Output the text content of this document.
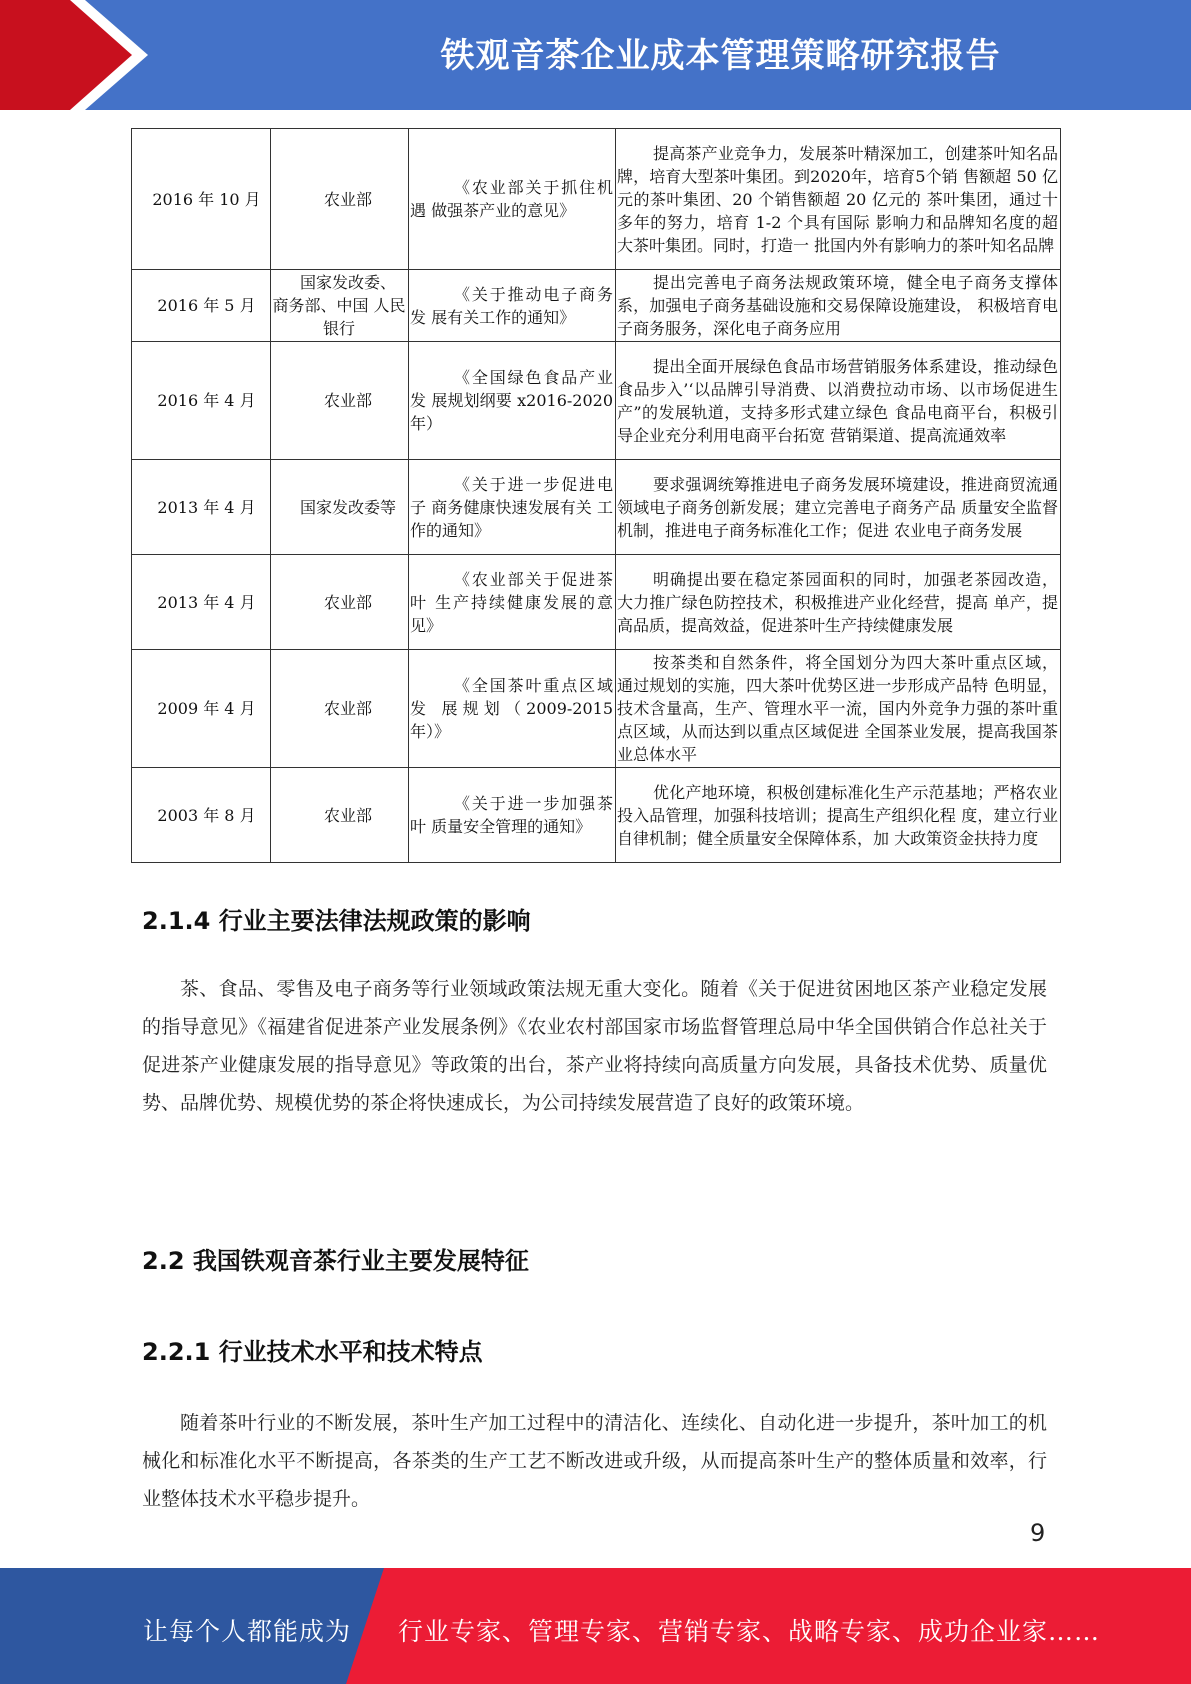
铁观音茶企业成本管理策略研究报告
2016 年 10 月	农业部	《农业部关于抓住机遇 做强茶产业的意见》	提高茶产业竞争力，发展茶叶精深加工，创建茶叶知名品牌，培育大型茶叶集团。到2020年，培育5个销 售额超 50 亿元的茶叶集团、20 个销售额超 20 亿元的 茶叶集团，通过十多年的努力，培育 1-2 个具有国际 影响力和品牌知名度的超大茶叶集团。同时，打造一 批国内外有影响力的茶叶知名品牌
2016 年 5 月	国家发改委、 商务部、中国 人民银行	《关于推动电子商务发 展有关工作的通知》	提出完善电子商务法规政策环境，健全电子商务支撑体系，加强电子商务基础设施和交易保障设施建设， 积极培育电子商务服务，深化电子商务应用
2016 年 4 月	农业部	《全国绿色食品产业发 展规划纲要 x2016-2020 年）	提出全面开展绿色食品市场营销服务体系建设，推动绿色食品步入’‘以品牌引导消费、以消费拉动市场、以市场促进生产”的发展轨道，支持多形式建立绿色 食品电商平台，积极引导企业充分利用电商平台拓宽 营销渠道、提高流通效率
2013 年 4 月	国家发改委等	《关于进一步促进电子 商务健康快速发展有关 工作的通知》	要求强调统筹推进电子商务发展环境建设，推进商贸流通领域电子商务创新发展；建立完善电子商务产品 质量安全监督机制，推进电子商务标准化工作；促进 农业电子商务发展
2013 年 4 月	农业部	《农业部关于促进茶叶 生产持续健康发展的意 见》	明确提出要在稳定茶园面积的同时，加强老茶园改造， 大力推广绿色防控技术，积极推进产业化经营，提高 单产，提高品质，提高效益，促进茶叶生产持续健康发展
2009 年 4 月	农业部	《全国茶叶重点区域发 展规划（2009-2015 年）》	按茶类和自然条件，将全国划分为四大茶叶重点区域， 通过规划的实施，四大茶叶优势区进一步形成产品特 色明显，技术含量高，生产、管理水平一流，国内外竞争力强的茶叶重点区域，从而达到以重点区域促进 全国茶业发展，提高我国茶业总体水平
2003 年 8 月	农业部	《关于进一步加强茶叶 质量安全管理的通知》	优化产地环境，积极创建标准化生产示范基地；严格农业投入品管理，加强科技培训；提高生产组织化程 度，建立行业自律机制；健全质量安全保障体系，加 大政策资金扶持力度
2.1.4 行业主要法律法规政策的影响

茶、食品、零售及电子商务等行业领域政策法规无重大变化。随着《关于促进贫困地区茶产业稳定发展的指导意见》《福建省促进茶产业发展条例》《农业农村部国家市场监督管理总局中华全国供销合作总社关于促进茶产业健康发展的指导意见》等政策的出台，茶产业将持续向高质量方向发展，具备技术优势、质量优势、品牌优势、规模优势的茶企将快速成长，为公司持续发展营造了良好的政策环境。

2.2 我国铁观音茶行业主要发展特征
2.2.1 行业技术水平和技术特点

随着茶叶行业的不断发展，茶叶生产加工过程中的清洁化、连续化、自动化进一步提升，茶叶加工的机械化和标准化水平不断提高，各茶类的生产工艺不断改进或升级，从而提高茶叶生产的整体质量和效率，行业整体技术水平稳步提升。

9
让每个人都能成为 行业专家、管理专家、营销专家、战略专家、成功企业家……
